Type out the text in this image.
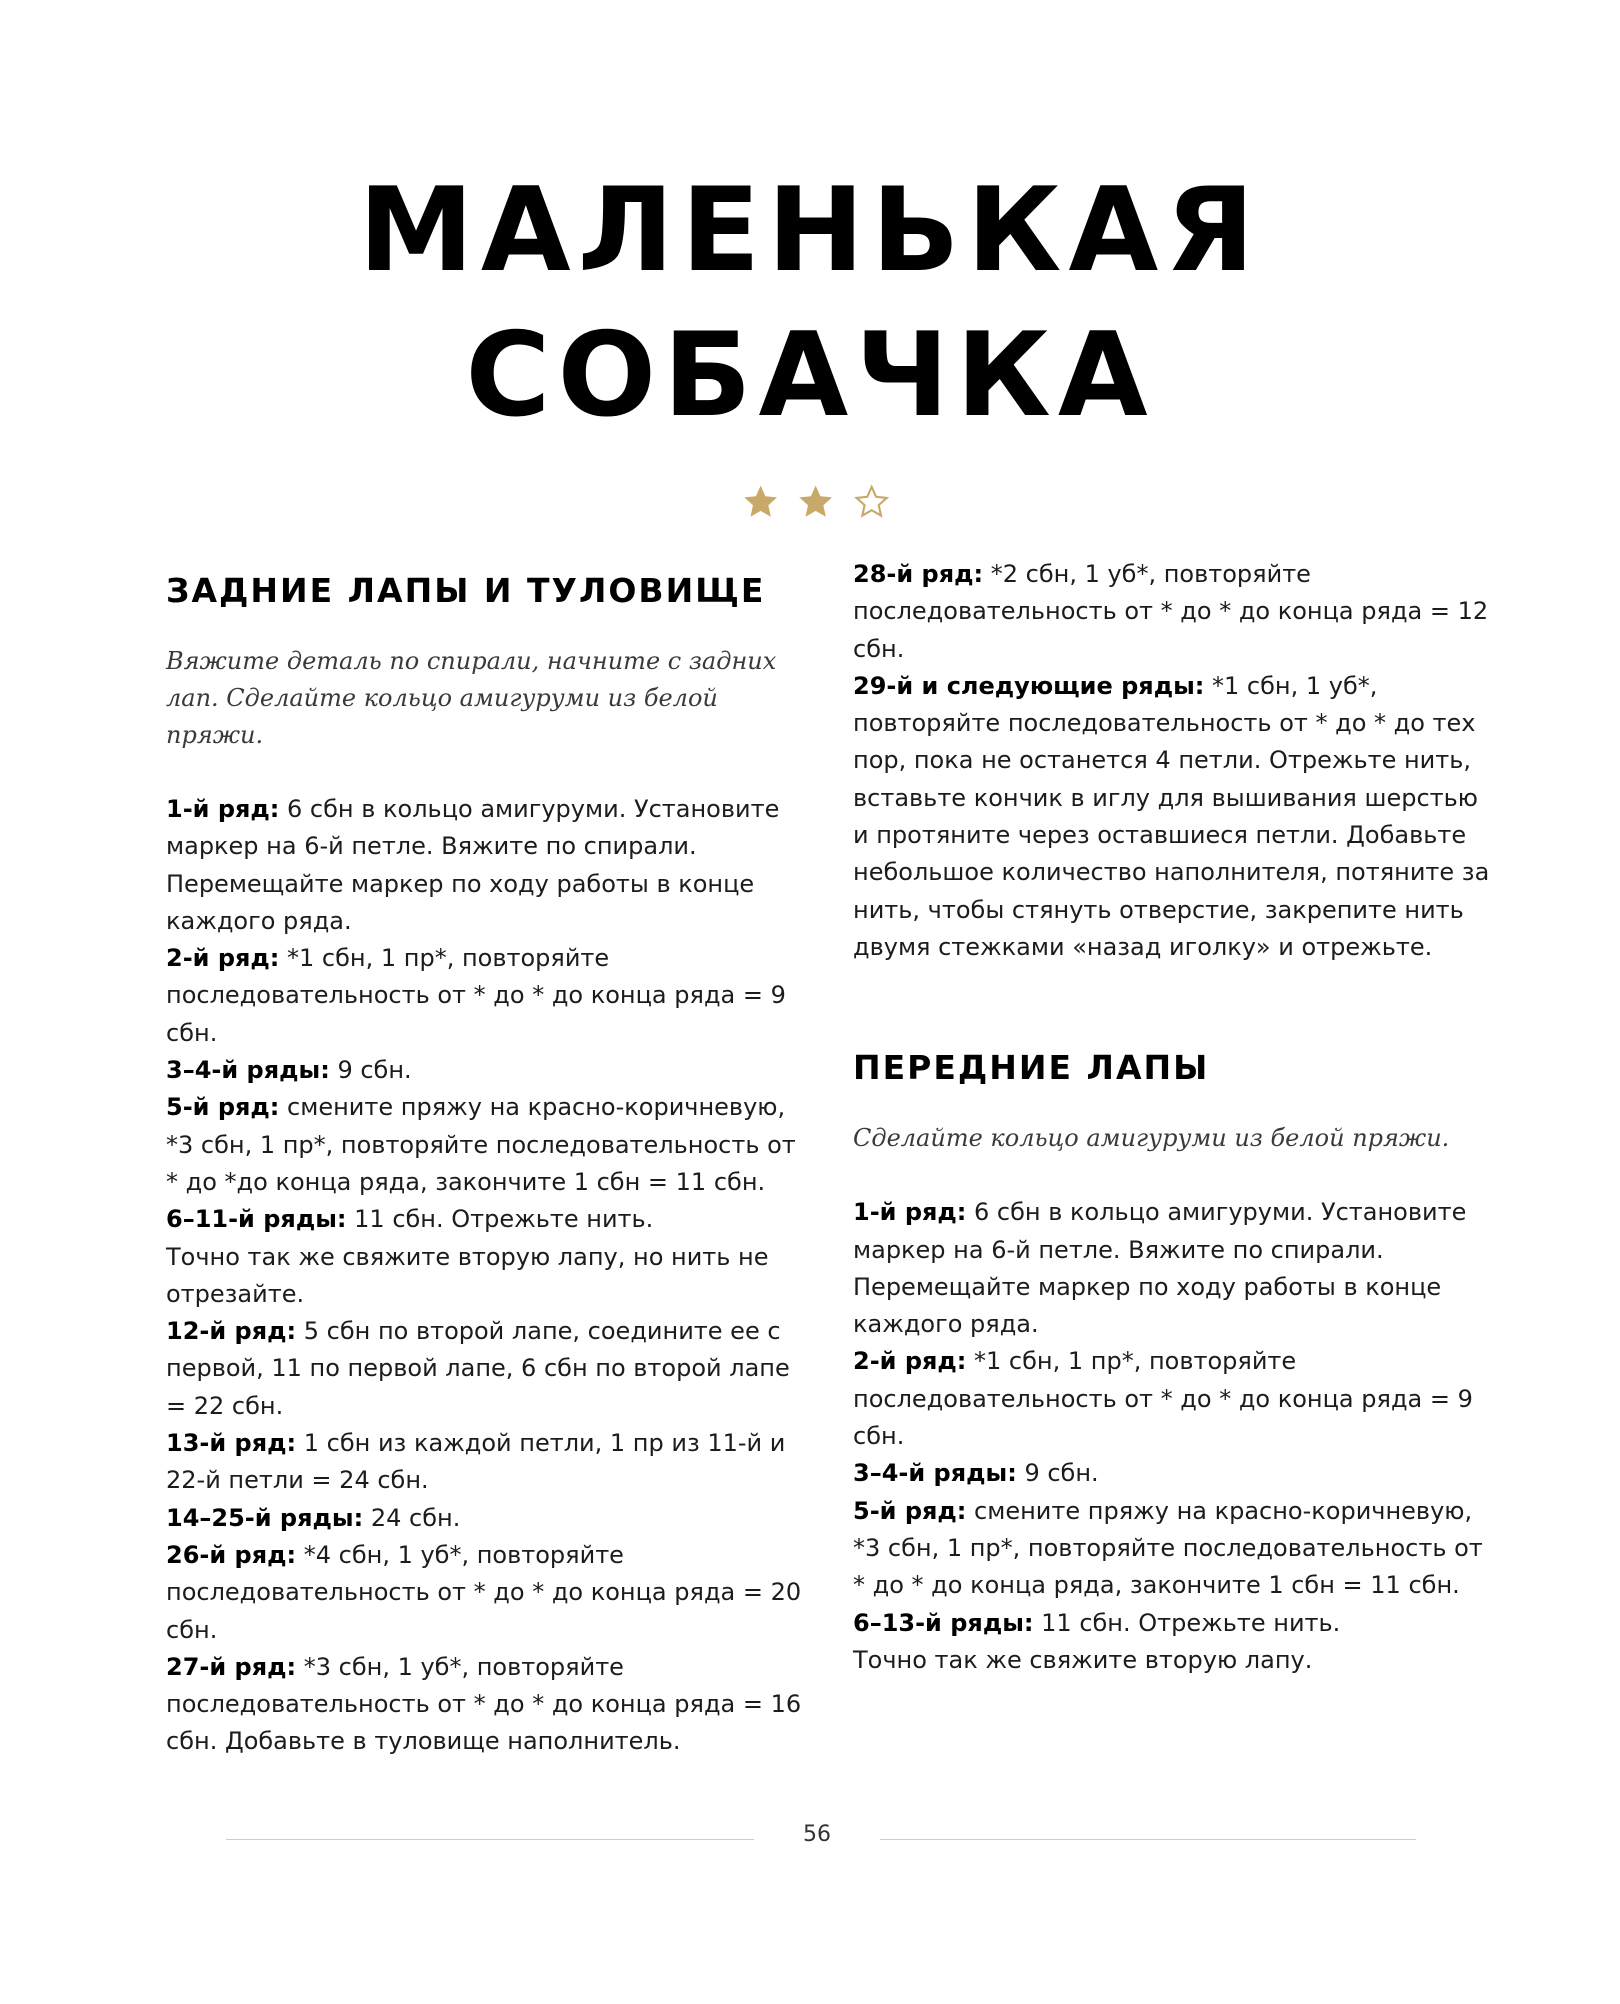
МАЛЕНЬКАЯ
СОБАЧКА
ЗАДНИЕ ЛАПЫ И ТУЛОВИЩЕ

Вяжите деталь по спирали, начните с задних лап. Сделайте кольцо амигуруми из белой пряжи.

1-й ряд: 6 сбн в кольцо амигуруми. Установите маркер на 6-й петле. Вяжите по спирали. Перемещайте маркер по ходу работы в конце каждого ряда.

2-й ряд: *1 сбн, 1 пр*, повторяйте последовательность от * до * до конца ряда = 9 сбн.

3–4-й ряды: 9 сбн.

5-й ряд: смените пряжу на красно-коричневую, *3 сбн, 1 пр*, повторяйте последовательность от * до *до конца ряда, закончите 1 сбн = 11 сбн.

6–11-й ряды: 11 сбн. Отрежьте нить.

Точно так же свяжите вторую лапу, но нить не отрезайте.

12-й ряд: 5 сбн по второй лапе, соедините ее с первой, 11 по первой лапе, 6 сбн по второй лапе = 22 сбн.

13-й ряд: 1 сбн из каждой петли, 1 пр из 11-й и 22-й петли = 24 сбн.

14–25-й ряды: 24 сбн.

26-й ряд: *4 сбн, 1 уб*, повторяйте последовательность от * до * до конца ряда = 20 сбн.

27-й ряд: *3 сбн, 1 уб*, повторяйте последовательность от * до * до конца ряда = 16 сбн. Добавьте в туловище наполнитель.

28-й ряд: *2 сбн, 1 уб*, повторяйте последовательность от * до * до конца ряда = 12 сбн.

29-й и следующие ряды: *1 сбн, 1 уб*, повторяйте последовательность от * до * до тех пор, пока не останется 4 петли. Отрежьте нить, вставьте кончик в иглу для вышивания шерстью и протяните через оставшиеся петли. Добавьте небольшое количество наполнителя, потяните за нить, чтобы стянуть отверстие, закрепите нить двумя стежками «назад иголку» и отрежьте.

ПЕРЕДНИЕ ЛАПЫ

Сделайте кольцо амигуруми из белой пряжи.

1-й ряд: 6 сбн в кольцо амигуруми. Установите маркер на 6-й петле. Вяжите по спирали. Перемещайте маркер по ходу работы в конце каждого ряда.

2-й ряд: *1 сбн, 1 пр*, повторяйте последовательность от * до * до конца ряда = 9 сбн.

3–4-й ряды: 9 сбн.

5-й ряд: смените пряжу на красно-коричневую, *3 сбн, 1 пр*, повторяйте последовательность от * до * до конца ряда, закончите 1 сбн = 11 сбн.

6–13-й ряды: 11 сбн. Отрежьте нить.

Точно так же свяжите вторую лапу.

56
